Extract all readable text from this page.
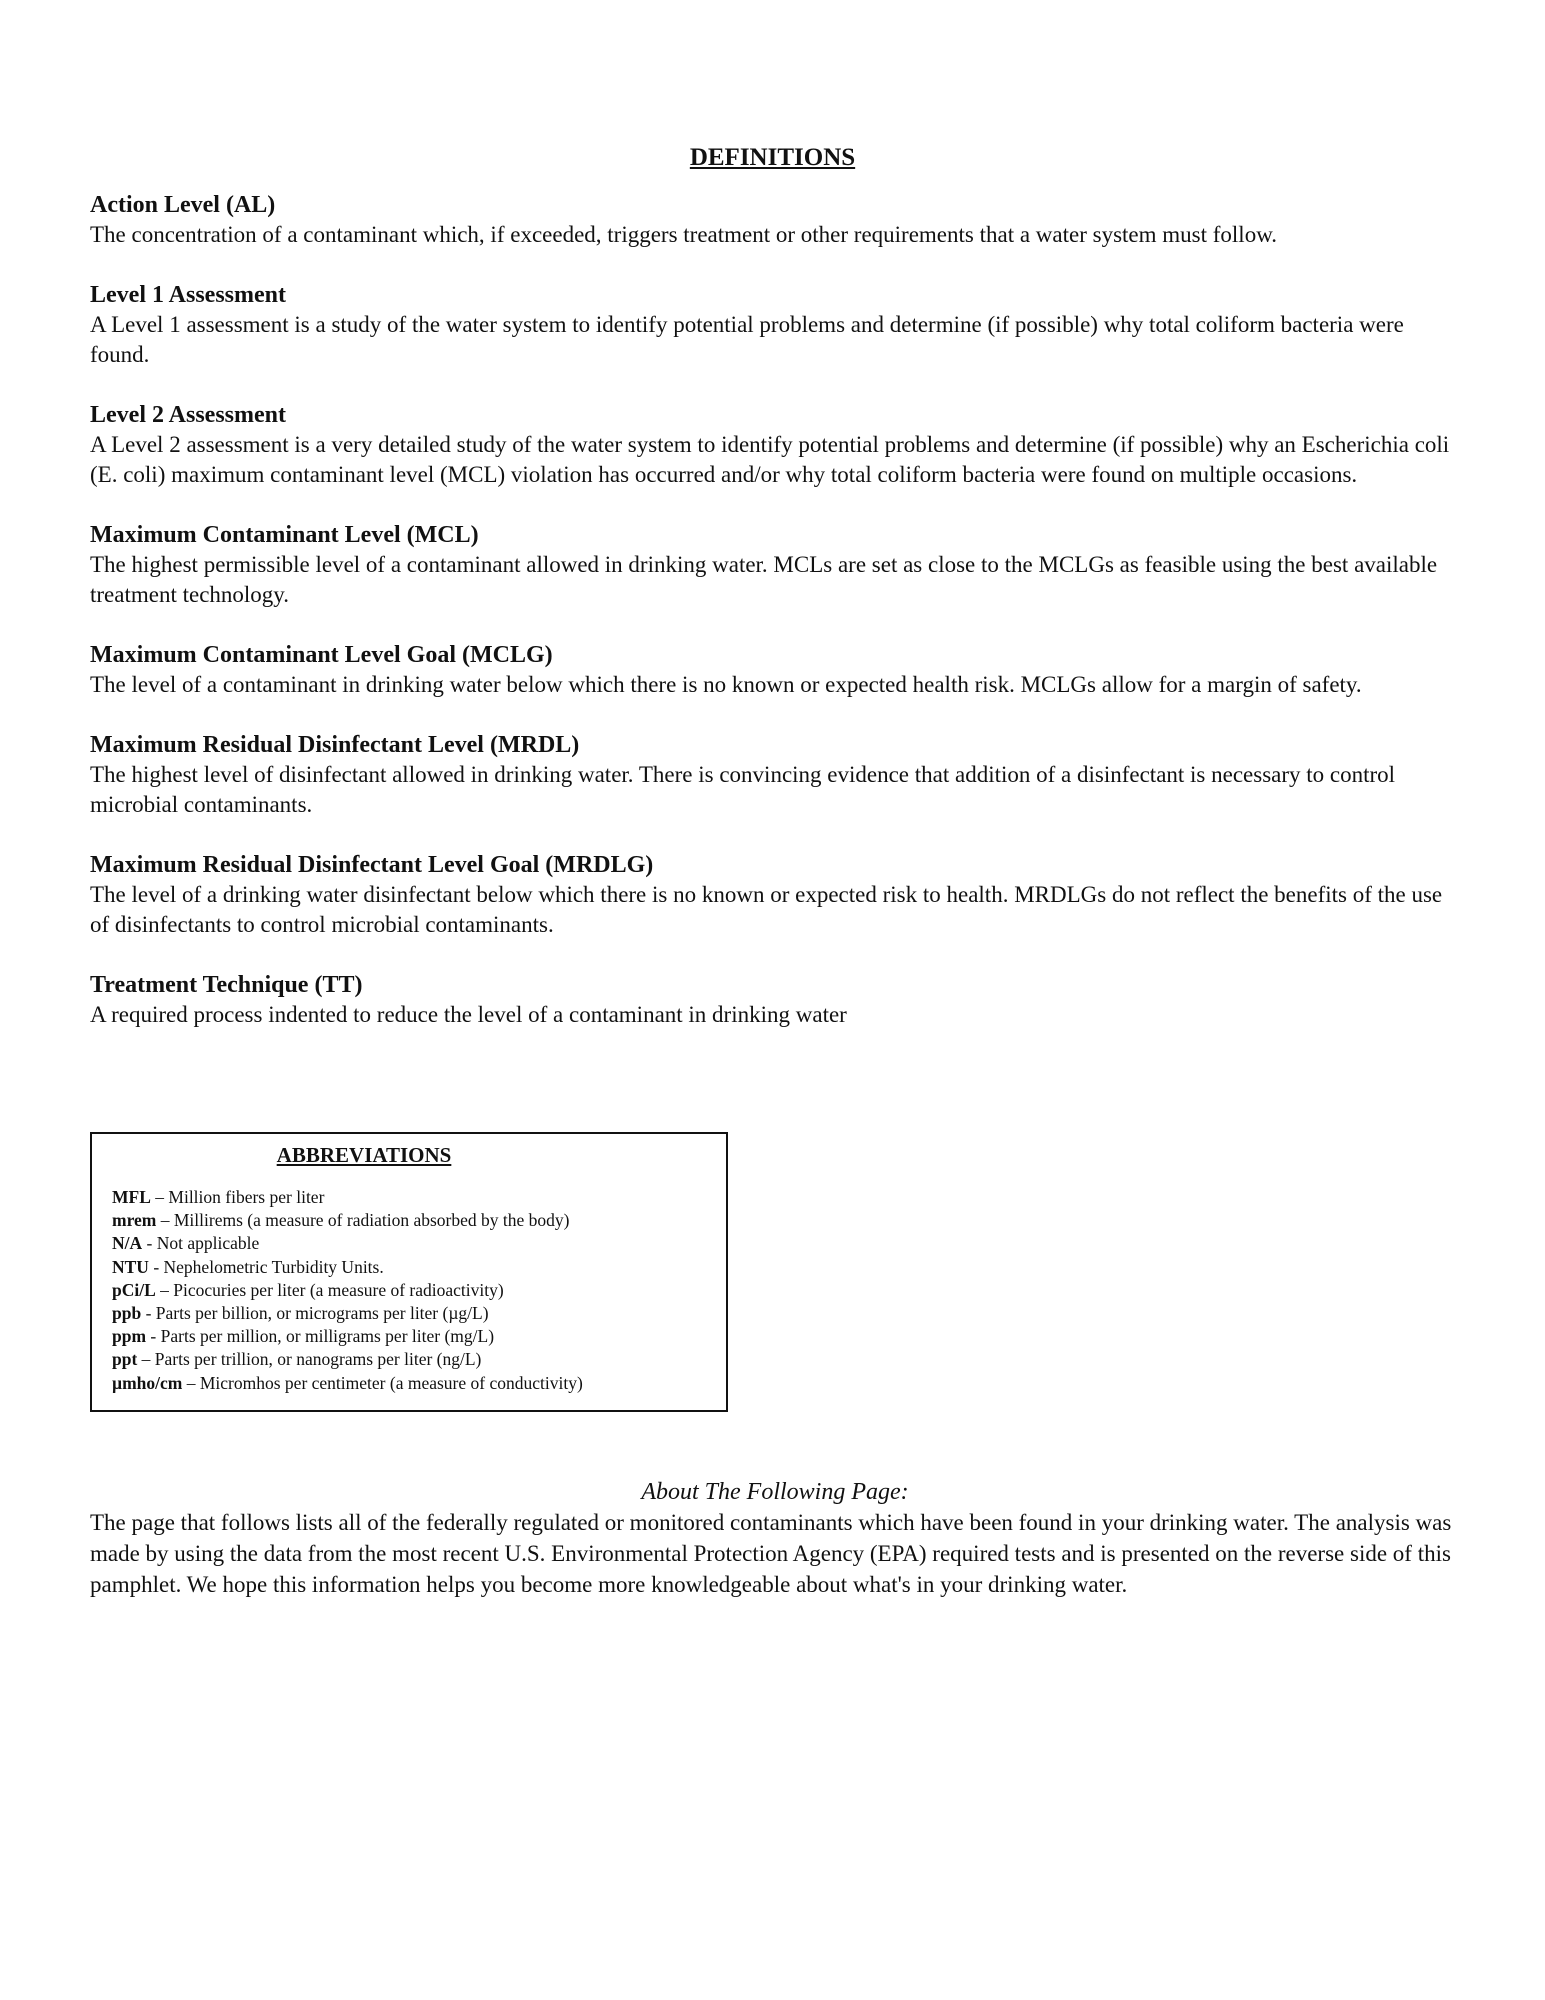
DEFINITIONS
Action Level (AL)
The concentration of a contaminant which, if exceeded, triggers treatment or other requirements that a water system must follow.
Level 1 Assessment
A Level 1 assessment is a study of the water system to identify potential problems and determine (if possible) why total coliform bacteria were found.
Level 2 Assessment
A Level 2 assessment is a very detailed study of the water system to identify potential problems and determine (if possible) why an Escherichia coli (E. coli) maximum contaminant level (MCL) violation has occurred and/or why total coliform bacteria were found on multiple occasions.
Maximum Contaminant Level (MCL)
The highest permissible level of a contaminant allowed in drinking water. MCLs are set as close to the MCLGs as feasible using the best available treatment technology.
Maximum Contaminant Level Goal (MCLG)
The level of a contaminant in drinking water below which there is no known or expected health risk. MCLGs allow for a margin of safety.
Maximum Residual Disinfectant Level (MRDL)
The highest level of disinfectant allowed in drinking water. There is convincing evidence that addition of a disinfectant is necessary to control microbial contaminants.
Maximum Residual Disinfectant Level Goal (MRDLG)
The level of a drinking water disinfectant below which there is no known or expected risk to health. MRDLGs do not reflect the benefits of the use of disinfectants to control microbial contaminants.
Treatment Technique (TT)
A required process indented to reduce the level of a contaminant in drinking water
ABBREVIATIONS
MFL – Million fibers per liter
mrem – Millirems (a measure of radiation absorbed by the body)
N/A - Not applicable
NTU - Nephelometric Turbidity Units.
pCi/L – Picocuries per liter (a measure of radioactivity)
ppb - Parts per billion, or micrograms per liter (µg/L)
ppm - Parts per million, or milligrams per liter (mg/L)
ppt – Parts per trillion, or nanograms per liter (ng/L)
µmho/cm – Micromhos per centimeter (a measure of conductivity)
About The Following Page:
The page that follows lists all of the federally regulated or monitored contaminants which have been found in your drinking water. The analysis was made by using the data from the most recent U.S. Environmental Protection Agency (EPA) required tests and is presented on the reverse side of this pamphlet. We hope this information helps you become more knowledgeable about what's in your drinking water.
